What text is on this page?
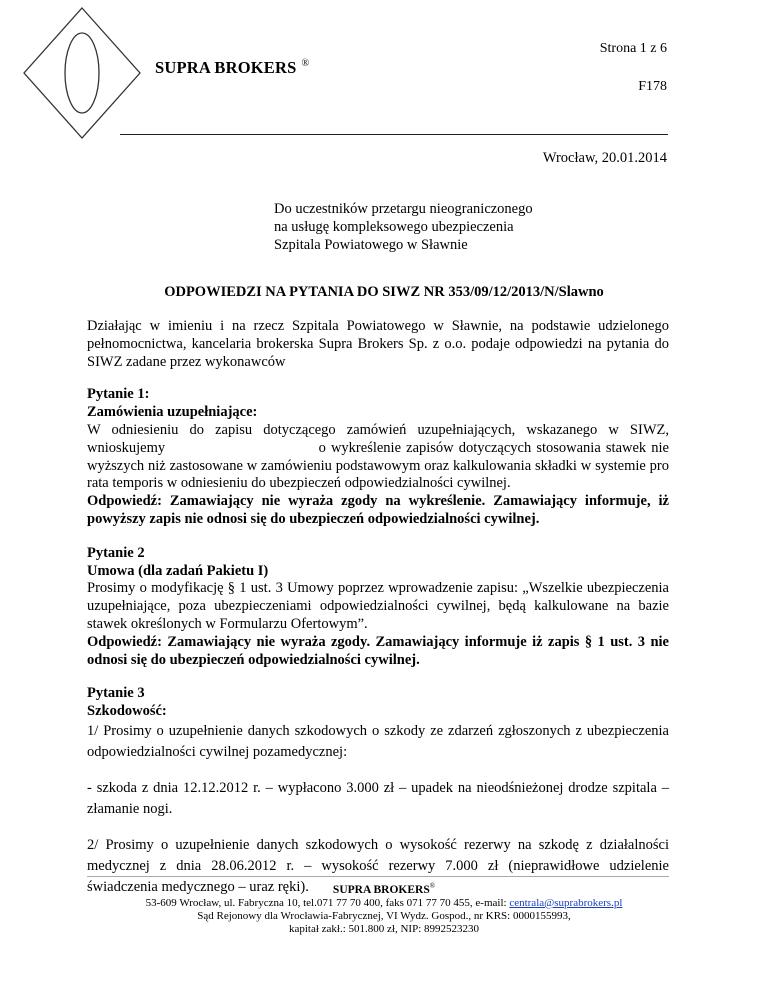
SUPRA BROKERS ®
Strona 1 z 6
F178
Wrocław, 20.01.2014
Do uczestników przetargu nieograniczonego
na usługę kompleksowego ubezpieczenia
Szpitala Powiatowego w Sławnie
ODPOWIEDZI NA PYTANIA DO SIWZ NR 353/09/12/2013/N/Slawno

Działając w imieniu i na rzecz Szpitala Powiatowego w Sławnie, na podstawie udzielonego pełnomocnictwa, kancelaria brokerska Supra Brokers Sp. z o.o. podaje odpowiedzi na pytania do SIWZ zadane przez wykonawców

Pytanie 1:

Zamówienia uzupełniające:

W odniesieniu do zapisu dotyczącego zamówień uzupełniających, wskazanego w SIWZ, wnioskujemy                              o wykreślenie zapisów dotyczących stosowania stawek nie wyższych niż zastosowane w zamówieniu podstawowym oraz kalkulowania składki w systemie pro rata temporis w odniesieniu do ubezpieczeń odpowiedzialności cywilnej.

Odpowiedź: Zamawiający nie wyraża zgody na wykreślenie. Zamawiający informuje, iż powyższy zapis nie odnosi się do ubezpieczeń odpowiedzialności cywilnej.

Pytanie 2

Umowa (dla zadań Pakietu I)

Prosimy o modyfikację § 1 ust. 3 Umowy poprzez wprowadzenie zapisu: „Wszelkie ubezpieczenia uzupełniające, poza ubezpieczeniami odpowiedzialności cywilnej, będą kalkulowane na bazie stawek określonych w Formularzu Ofertowym”.

Odpowiedź: Zamawiający nie wyraża zgody. Zamawiający informuje iż zapis § 1 ust. 3 nie odnosi się do ubezpieczeń odpowiedzialności cywilnej.

Pytanie 3

Szkodowość:

1/ Prosimy o uzupełnienie danych szkodowych o szkody ze zdarzeń zgłoszonych z ubezpieczenia odpowiedzialności cywilnej pozamedycznej:

- szkoda z dnia 12.12.2012 r. – wypłacono 3.000 zł – upadek na nieodśnieżonej drodze szpitala – złamanie nogi.

2/ Prosimy o uzupełnienie danych szkodowych o wysokość rezerwy na szkodę z działalności medycznej z dnia 28.06.2012 r. – wysokość rezerwy 7.000 zł (nieprawidłowe udzielenie świadczenia medycznego – uraz ręki).	SUPRA BROKERS®
53-609 Wrocław, ul. Fabryczna 10, tel.071 77 70 400, faks 071 77 70 455, e-mail: centrala@suprabrokers.pl
Sąd Rejonowy dla Wrocławia-Fabrycznej, VI Wydz. Gospod., nr KRS: 0000155993,
kapitał zakł.: 501.800 zł, NIP: 8992523230
